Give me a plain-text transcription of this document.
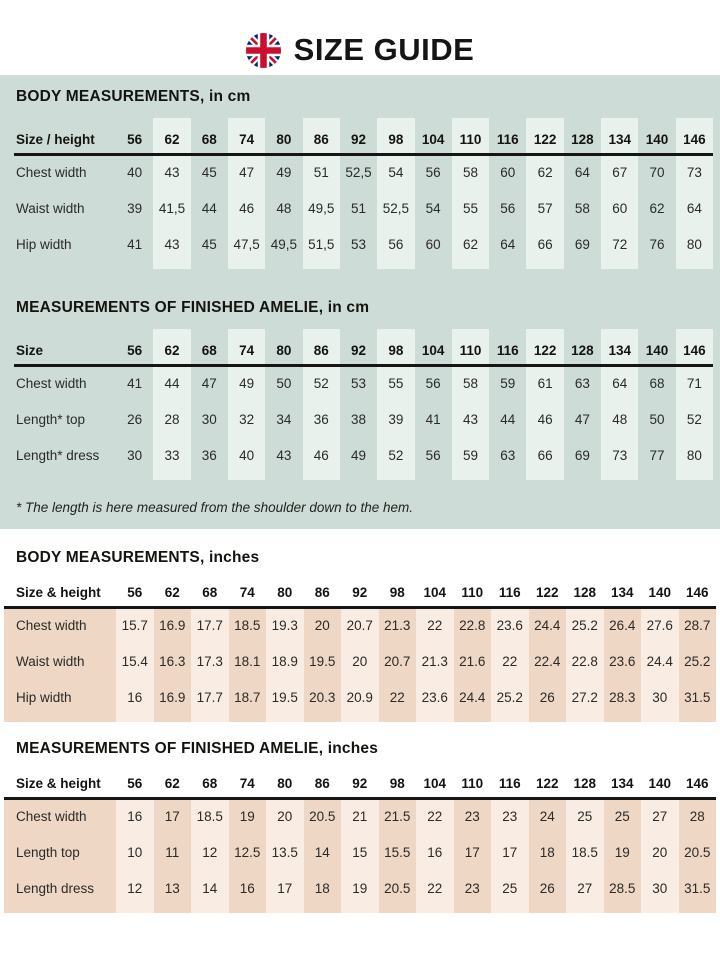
SIZE GUIDE
BODY MEASUREMENTS, in cm

Size / height	56	62	68	74	80	86	92	98	104	110	116	122	128	134	140	146
Chest width	40	43	45	47	49	51	52,5	54	56	58	60	62	64	67	70	73
Waist width	39	41,5	44	46	48	49,5	51	52,5	54	55	56	57	58	60	62	64
Hip width	41	43	45	47,5	49,5	51,5	53	56	60	62	64	66	69	72	76	80

MEASUREMENTS OF FINISHED AMELIE, in cm

Size	56	62	68	74	80	86	92	98	104	110	116	122	128	134	140	146
Chest width	41	44	47	49	50	52	53	55	56	58	59	61	63	64	68	71
Length* top	26	28	30	32	34	36	38	39	41	43	44	46	47	48	50	52
Length* dress	30	33	36	40	43	46	49	52	56	59	63	66	69	73	77	80

* The length is here measured from the shoulder down to the hem.

BODY MEASUREMENTS, inches
Size & height	56	62	68	74	80	86	92	98	104	110	116	122	128	134	140	146
Chest width	15.7	16.9	17.7	18.5	19.3	20	20.7	21.3	22	22.8	23.6	24.4	25.2	26.4	27.6	28.7
Waist width	15.4	16.3	17.3	18.1	18.9	19.5	20	20.7	21.3	21.6	22	22.4	22.8	23.6	24.4	25.2
Hip width	16	16.9	17.7	18.7	19.5	20.3	20.9	22	23.6	24.4	25.2	26	27.2	28.3	30	31.5

MEASUREMENTS OF FINISHED AMELIE, inches
Size & height	56	62	68	74	80	86	92	98	104	110	116	122	128	134	140	146
Chest width	16	17	18.5	19	20	20.5	21	21.5	22	23	23	24	25	25	27	28
Length top	10	11	12	12.5	13.5	14	15	15.5	16	17	17	18	18.5	19	20	20.5
Length dress	12	13	14	16	17	18	19	20.5	22	23	25	26	27	28.5	30	31.5
